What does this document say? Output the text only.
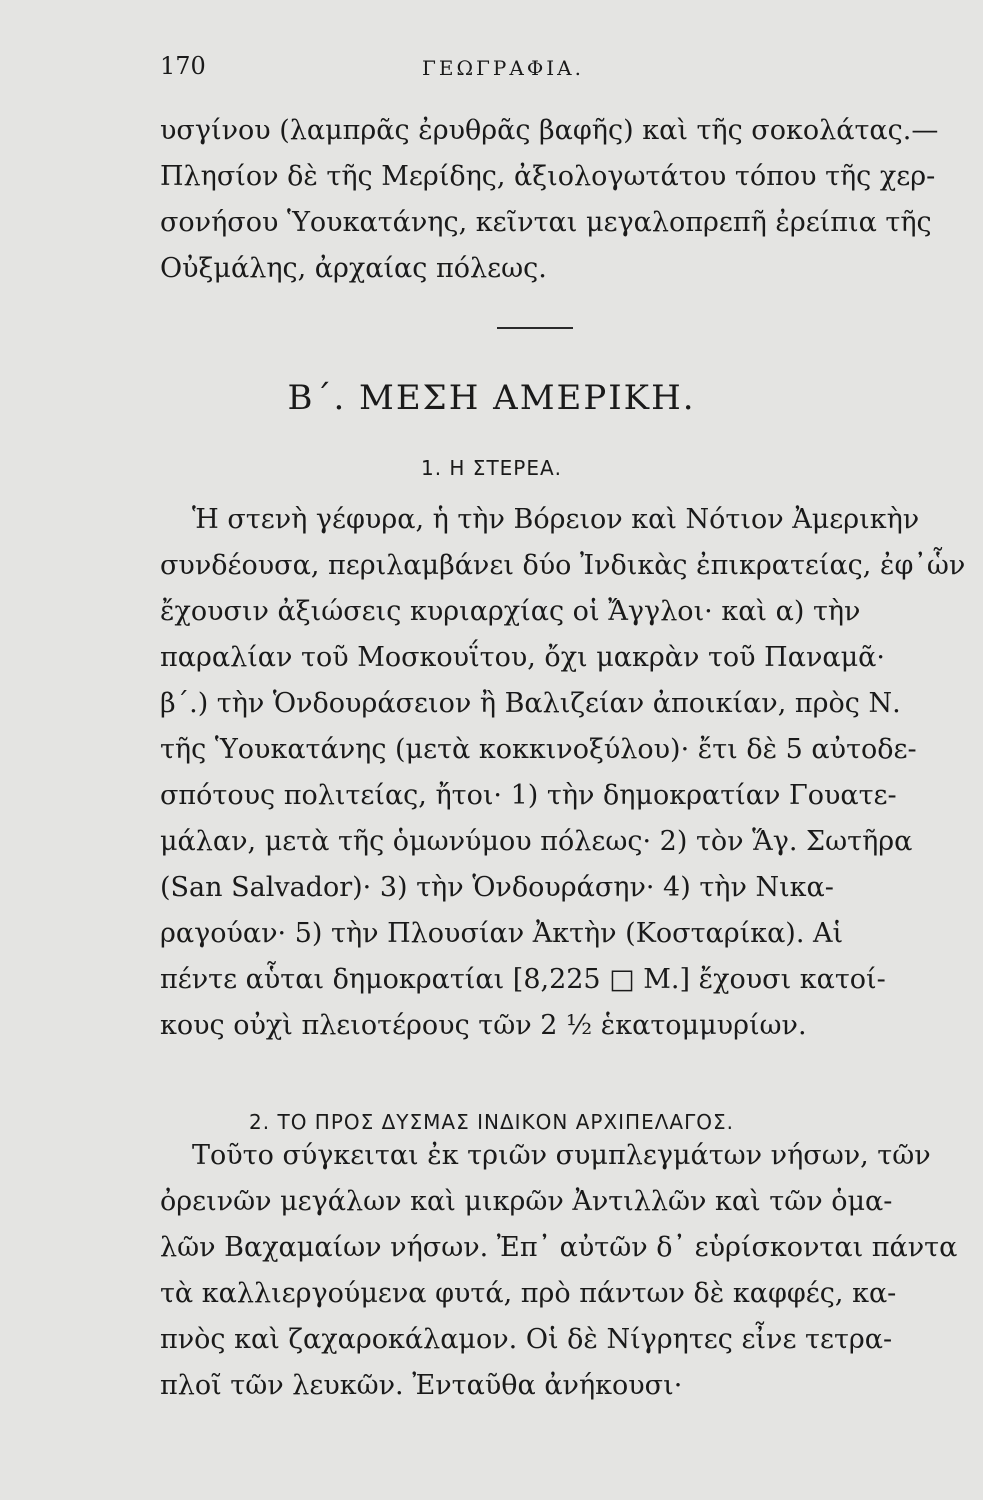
170	ΓΕΩΓΡΑΦΙΑ.
υσγίνου (λαμπρᾶς ἐρυθρᾶς βαφῆς) καὶ τῆς σοκολάτας.—
Πλησίον δὲ τῆς Μερίδης, ἀξιολογωτάτου τόπου τῆς χερ-
σονήσου Ὑουκατάνης, κεῖνται μεγαλοπρεπῆ ἐρείπια τῆς
Οὐξμάλης, ἀρχαίας πόλεως.
Β΄. ΜΕΣΗ ΑΜΕΡΙΚΗ.
1. Η ΣΤΕΡΕΑ.
Ἡ στενὴ γέφυρα, ἡ τὴν Βόρειον καὶ Νότιον Ἀμερικὴν
συνδέουσα, περιλαμβάνει δύο Ἰνδικὰς ἐπικρατείας, ἐφ᾽ὧν
ἔχουσιν ἀξιώσεις κυριαρχίας οἱ Ἄγγλοι· καὶ α) τὴν
παραλίαν τοῦ Μοσκουΐτου, ὄχι μακρὰν τοῦ Παναμᾶ·
β΄.) τὴν Ὁνδουράσειον ἢ Βαλιζείαν ἀποικίαν, πρὸς Ν.
τῆς Ὑουκατάνης (μετὰ κοκκινοξύλου)· ἔτι δὲ 5 αὐτοδε-
σπότους πολιτείας, ἤτοι· 1) τὴν δημοκρατίαν Γουατε-
μάλαν, μετὰ τῆς ὁμωνύμου πόλεως· 2) τὸν Ἅγ. Σωτῆρα
(San Salvador)· 3) τὴν Ὁνδουράσην· 4) τὴν Νικα-
ραγούαν· 5) τὴν Πλουσίαν Ἀκτὴν (Κοσταρίκα). Αἱ
πέντε αὗται δημοκρατίαι [8,225 □ Μ.] ἔχουσι κατοί-
κους οὐχὶ πλειοτέρους τῶν 2 ½ ἑκατομμυρίων.
2. ΤΟ ΠΡΟΣ ΔΥΣΜΑΣ ΙΝΔΙΚΟΝ ΑΡΧΙΠΕΛΑΓΟΣ.
Τοῦτο σύγκειται ἐκ τριῶν συμπλεγμάτων νήσων, τῶν
ὀρεινῶν μεγάλων καὶ μικρῶν Ἀντιλλῶν καὶ τῶν ὁμα-
λῶν Βαχαμαίων νήσων. Ἐπ᾽ αὐτῶν δ᾽ εὑρίσκονται πάντα
τὰ καλλιεργούμενα φυτά, πρὸ πάντων δὲ καφφές, κα-
πνὸς καὶ ζαχαροκάλαμον. Οἱ δὲ Νίγρητες εἶνε τετρα-
πλοῖ τῶν λευκῶν. Ἐνταῦθα ἀνήκουσι·
